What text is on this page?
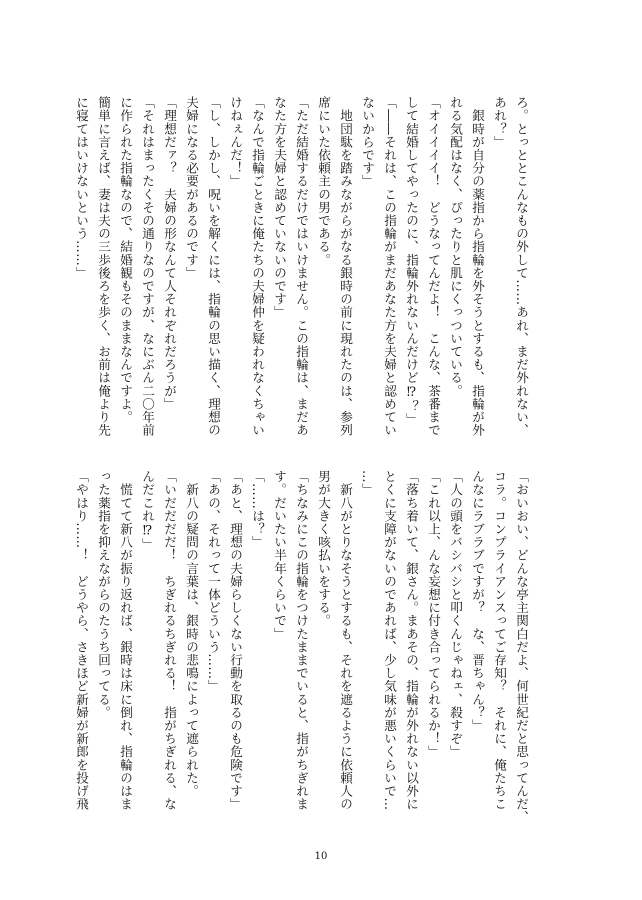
ろ。とっととこんなもの外して……あれ、まだ外れない、
あれ？」
　銀時が自分の薬指から指輪を外そうとするも、指輪が外
れる気配はなく、ぴったりと肌にくっついている。
「オイイイイ！　どうなってんだよ！　こんな、茶番まで
して結婚してやったのに、指輪外れないんだけど⁉？」
「――それは、この指輪がまだあなた方を夫婦と認めてい
ないからです」
　地団駄を踏みながらがなる銀時の前に現れたのは、参列
席にいた依頼主の男である。
「ただ結婚するだけではいけません。この指輪は、まだあ
なた方を夫婦と認めていないのです」
「なんで指輪ごときに俺たちの夫婦仲を疑われなくちゃい
けねぇんだ！」
「し、しかし、呪いを解くには、指輪の思い描く、理想の
夫婦になる必要があるのです」
「理想だァ？　夫婦の形なんて人それぞれだろうが」
「それはまったくその通りなのですが、なにぶん二〇年前
に作られた指輪なので、結婚観もそのままなんですよ。
簡単に言えば、妻は夫の三歩後ろを歩く、お前は俺より先
に寝てはいけないという……」
「おいおい、どんな亭主関白だよ、何世紀だと思ってんだ、
コラ。コンプライアンスってご存知？　それに、俺たちこ
んなにラブラブですが？　な、晋ちゃん？」
「人の頭をバシバシと叩くんじゃねェ、殺すぞ」
「これ以上、んな妄想に付き合ってられるか！」
「落ち着いて、銀さん。まあその、指輪が外れない以外に
とくに支障がないのであれば、少し気味が悪いくらいで…
…」
　新八がとりなそうとするも、それを遮るように依頼人の
男が大きく咳払いをする。
「ちなみにこの指輪をつけたままでいると、指がちぎれま
す。だいたい半年くらいで」
「……は？」
「あと、理想の夫婦らしくない行動を取るのも危険です」
「あの、それって一体どういう……」
　新八の疑問の言葉は、銀時の悲鳴によって遮られた。
「いだだだだ！　ちぎれるちぎれる！　指がちぎれる、な
んだこれ⁉」
　慌てて新八が振り返れば、銀時は床に倒れ、指輪のはま
った薬指を抑えながらのたうち回ってる。
「やはり……！　どうやら、さきほど新婦が新郎を投げ飛
10
